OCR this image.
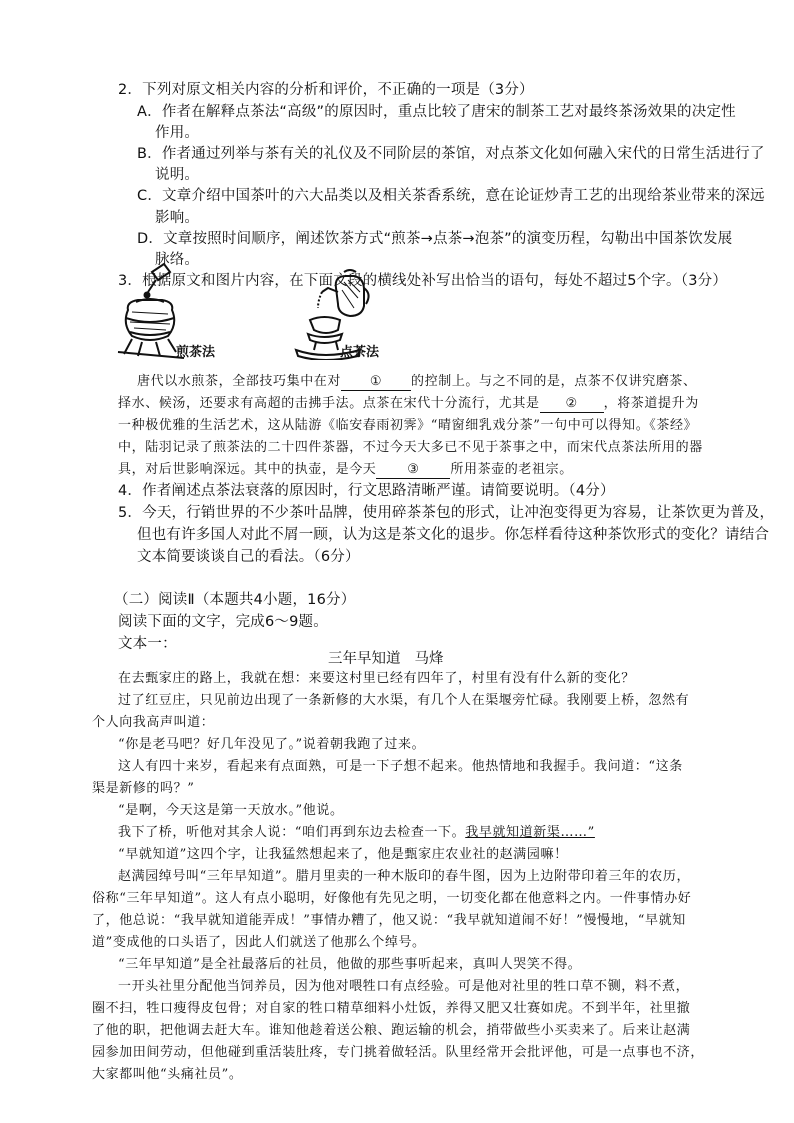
2．下列对原文相关内容的分析和评价，不正确的一项是（3分）
A．作者在解释点茶法“高级”的原因时，重点比较了唐宋的制茶工艺对最终茶汤效果的决定性
作用。
B．作者通过列举与茶有关的礼仪及不同阶层的茶馆，对点茶文化如何融入宋代的日常生活进行了
说明。
C．文章介绍中国茶叶的六大品类以及相关茶香系统，意在论证炒青工艺的出现给茶业带来的深远
影响。
D．文章按照时间顺序，阐述饮茶方式“煎茶→点茶→泡茶”的演变历程，勾勒出中国茶饮发展
脉络。
3．根据原文和图片内容，在下面文段的横线处补写出恰当的语句，每处不超过5个字。（3分）
煎茶法	点茶法
唐代以水煎茶，全部技巧集中在对 ① 的控制上。与之不同的是，点茶不仅讲究磨茶、
择水、候汤，还要求有高超的击拂手法。点茶在宋代十分流行，尤其是 ② ，将茶道提升为
一种极优雅的生活艺术，这从陆游《临安春雨初霁》“晴窗细乳戏分茶”一句中可以得知。《茶经》
中，陆羽记录了煎茶法的二十四件茶器，不过今天大多已不见于茶事之中，而宋代点茶法所用的器
具，对后世影响深远。其中的执壶，是今天 ③ 所用茶壶的老祖宗。
4．作者阐述点茶法衰落的原因时，行文思路清晰严谨。请简要说明。（4分）
5．今天，行销世界的不少茶叶品牌，使用碎茶茶包的形式，让冲泡变得更为容易，让茶饮更为普及，
但也有许多国人对此不屑一顾，认为这是茶文化的退步。你怎样看待这种茶饮形式的变化？请结合
文本简要谈谈自己的看法。（6分）
（二）阅读Ⅱ（本题共4小题，16分）
阅读下面的文字，完成6～9题。
文本一：
三年早知道 马烽
在去甄家庄的路上，我就在想：来要这村里已经有四年了，村里有没有什么新的变化？
过了红豆庄，只见前边出现了一条新修的大水渠，有几个人在渠堰旁忙碌。我刚要上桥，忽然有
个人向我高声叫道：
“你是老马吧？好几年没见了。”说着朝我跑了过来。
这人有四十来岁，看起来有点面熟，可是一下子想不起来。他热情地和我握手。我问道：“这条
渠是新修的吗？”
“是啊，今天这是第一天放水。”他说。
我下了桥，听他对其余人说：“咱们再到东边去检查一下。我早就知道新渠……”
“早就知道”这四个字，让我猛然想起来了，他是甄家庄农业社的赵满园嘛！
赵满园绰号叫“三年早知道”。腊月里卖的一种木版印的春牛图，因为上边附带印着三年的农历，
俗称“三年早知道”。这人有点小聪明，好像他有先见之明，一切变化都在他意料之内。一件事情办好
了，他总说：“我早就知道能弄成！”事情办糟了，他又说：“我早就知道闹不好！”慢慢地，“早就知
道”变成他的口头语了，因此人们就送了他那么个绰号。
“三年早知道”是全社最落后的社员，他做的那些事听起来，真叫人哭笑不得。
一开头社里分配他当饲养员，因为他对喂牲口有点经验。可是他对社里的牲口草不铡，料不煮，
圈不扫，牲口瘦得皮包骨；对自家的牲口精草细料小灶饭，养得又肥又壮赛如虎。不到半年，社里撤
了他的职，把他调去赶大车。谁知他趁着送公粮、跑运输的机会，捎带做些小买卖来了。后来让赵满
园参加田间劳动，但他碰到重活装肚疼，专门挑着做轻活。队里经常开会批评他，可是一点事也不济，
大家都叫他“头痛社员”。
